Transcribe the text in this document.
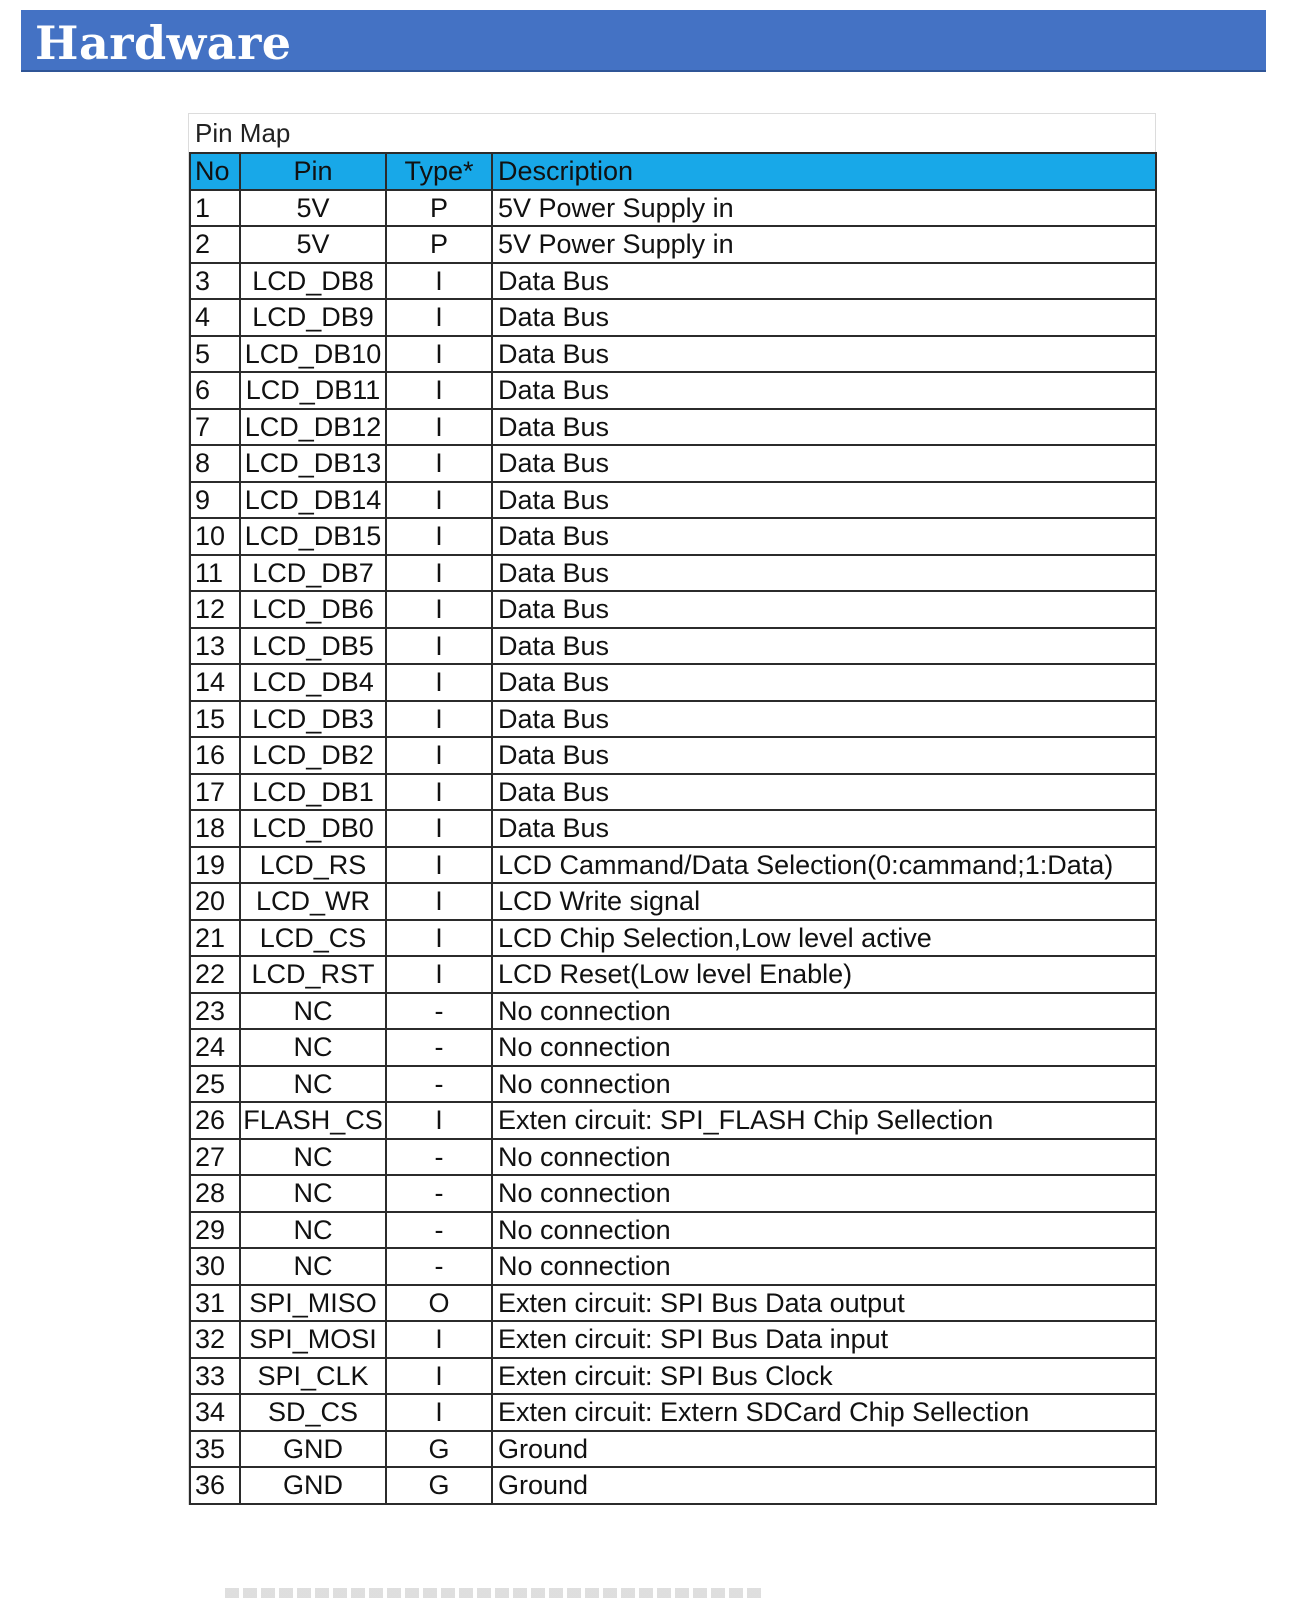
Hardware
Pin Map
No	Pin	Type*	Description
1	5V	P	5V Power Supply in
2	5V	P	5V Power Supply in
3	LCD_DB8	I	Data Bus
4	LCD_DB9	I	Data Bus
5	LCD_DB10	I	Data Bus
6	LCD_DB11	I	Data Bus
7	LCD_DB12	I	Data Bus
8	LCD_DB13	I	Data Bus
9	LCD_DB14	I	Data Bus
10	LCD_DB15	I	Data Bus
11	LCD_DB7	I	Data Bus
12	LCD_DB6	I	Data Bus
13	LCD_DB5	I	Data Bus
14	LCD_DB4	I	Data Bus
15	LCD_DB3	I	Data Bus
16	LCD_DB2	I	Data Bus
17	LCD_DB1	I	Data Bus
18	LCD_DB0	I	Data Bus
19	LCD_RS	I	LCD Cammand/Data Selection(0:cammand;1:Data)
20	LCD_WR	I	LCD Write signal
21	LCD_CS	I	LCD Chip Selection,Low level active
22	LCD_RST	I	LCD Reset(Low level Enable)
23	NC	-	No connection
24	NC	-	No connection
25	NC	-	No connection
26	FLASH_CS	I	Exten circuit: SPI_FLASH Chip Sellection
27	NC	-	No connection
28	NC	-	No connection
29	NC	-	No connection
30	NC	-	No connection
31	SPI_MISO	O	Exten circuit: SPI Bus Data output
32	SPI_MOSI	I	Exten circuit: SPI Bus Data input
33	SPI_CLK	I	Exten circuit: SPI Bus Clock
34	SD_CS	I	Exten circuit: Extern SDCard Chip Sellection
35	GND	G	Ground
36	GND	G	Ground
